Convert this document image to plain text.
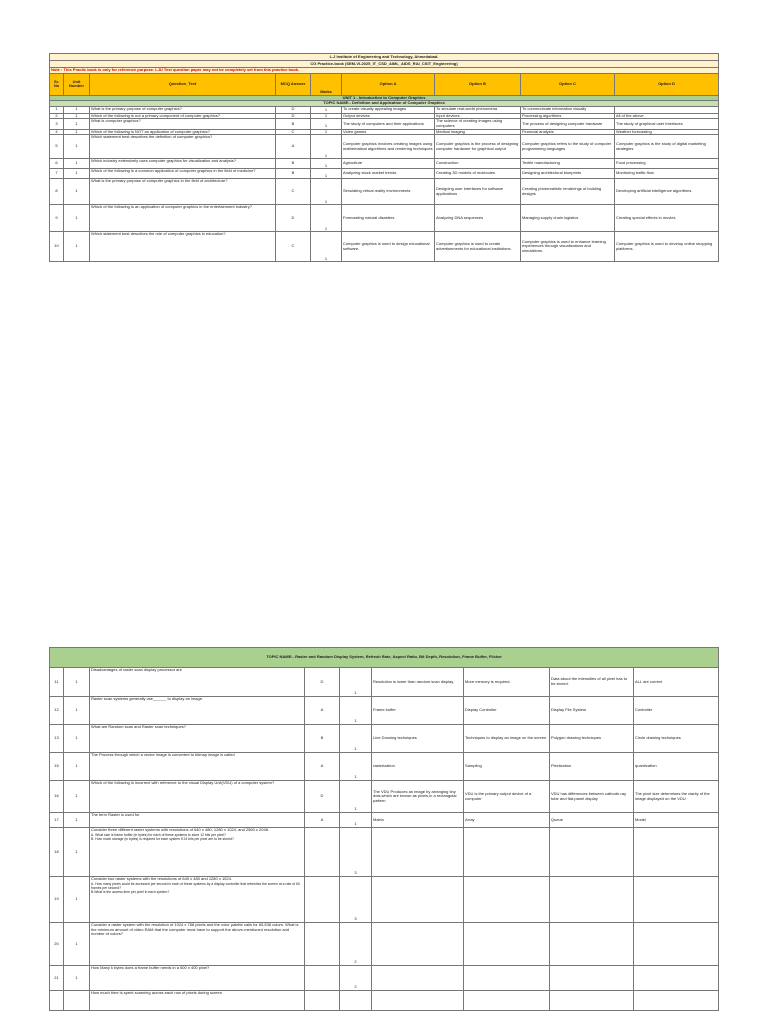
L.J Institute of Engineering and Technology, Ahmedabad.								
CG Practice-book (SEM-VI-2025_IT_CSD_AIML_AIDS_RAI_CSIT_Engineering)								
Note : This Practic book is only for reference purpose. LJU Test question paper may not be completely set from this practice book.								
Sr. No	Unit Number	Question_Text	MCQ Answer	Marks	Option A	Option B	Option C	Option D
UNIT 1 - Introduction to Computer Graphics								
TOPIC NAME:- Definition and Application of Computer Graphics								
1	1	What is the primary purpose of computer graphics?	D	1	To create visually appealing images	To simulate real-world phenomena	To communicate information visually	
2	1	Which of the following is not a primary component of computer graphics?	D	1	Output devices	Input devices	Processing algorithms	All of the above
3	1	What is computer graphics?	B	1	The study of computers and their applications	The science of creating images using computers	The process of designing computer hardware	The study of graphical user interfaces
4	1	Which of the following is NOT an application of computer graphics?	C	1	Video games	Medical imaging	Financial analysis	Weather forecasting
5	1	Which statement best describes the definition of computer graphics?	A	1	Computer graphics involves creating images using mathematical algorithms and rendering techniques	Computer graphics is the process of designing computer hardware for graphical output	Computer graphics refers to the study of computer programming languages	Computer graphics is the study of digital marketing strategies
6	1	Which industry extensively uses computer graphics for visualization and analysis?	B	1	Agriculture	Construction	Textile manufacturing	Food processing
7	1	Which of the following is a common application of computer graphics in the field of medicine?	B	1	Analyzing stock market trends	Creating 3D models of molecules	Designing architectural blueprints	Monitoring traffic flow
8	1	What is the primary purpose of computer graphics in the field of architecture?	C	1	Simulating virtual reality environments	Designing user interfaces for software applications	Creating photorealistic renderings of building designs	Developing artificial intelligence algorithms
9	1	Which of the following is an application of computer graphics in the entertainment industry?	D	1	Forecasting natural disasters	Analyzing DNA sequences	Managing supply chain logistics	Creating special effects in movies
10	1	Which statement best describes the role of computer graphics in education?	C	1	Computer graphics is used to design educational software.	Computer graphics is used to create advertisements for educational institutions.	Computer graphics is used to enhance learning experiences through visualizations and simulations.	Computer graphics is used to develop online shopping platforms.
TOPIC NAME:- Raster and Random Display System, Refresh Rate, Aspect Ratio, Bit Depth, Resolution, Frame Buffer, Flicker								
11	1	Disadvantages of raster scan display processor are	D	1	Resolution is lower than random scan display.	More memory is required.	Data about the intensities of all pixel has to be stored.	ALL are correct
12	1	Raster scan systems generally use______ to display an image.	A	1	Frame buffer	Display Controller	Display File System	Controller
13	1	What are Random scan and Raster scan techniques?	B	1	Line Drowing techniques	Techniques to display an image on the screen	Polygon drawing techniques	Circle drawing techniques
15	1	The Process through which a vector image is converted to bitmap image is called	A	1	rasterization	Sampling	Pixelization	quantization
16	1	Which of the following is incorrect with reference to the visual Display Unit(VDU) of a computer system?	D	1	The VDU Produces an image by arranging tiny dots,which are known as pixels,in a rectangular pattern	VDU is the primary output device of a computer	VDU has differences between cathode-ray tube and flat-panel display	The pixel size determines the clarity of the image displayed on the VDU
17	1	The term Raster is used for	A	1	Matrix	Array	Queue	Model
18	1	Consider three different raster systems with resolutions of 640 x 480, 1280 x 1024, and 2560 x 2048.
A. What size is frame buffer (in bytes) for each of these systems to store 12 bits per pixel?
B. How much storage (in bytes) is required for each system if 24 bits per pixel are to be stored?		3				
19	1	Consider two raster systems with the resolutions of 640 x 480 and 1280 x 1024.
A. How many pixels could be accessed per second in each of these systems by a display controller that refreshes the screen at a rate of 60 frames per second?
B.What is the access time per pixel in each system?		3				
20	1	Consider a raster system with the resolution of 1024 x 768 pixels and the color palette calls for 65,536 colors. What is the minimum amount of video RAM that the computer must have to support the above-mentioned resolution and number of colors?		2				
21	1	How Many k bytes does a frame buffer needs in a 600 x 400 pixel?		2				
		How much time is spent scanning across each row of pixels during screen						
